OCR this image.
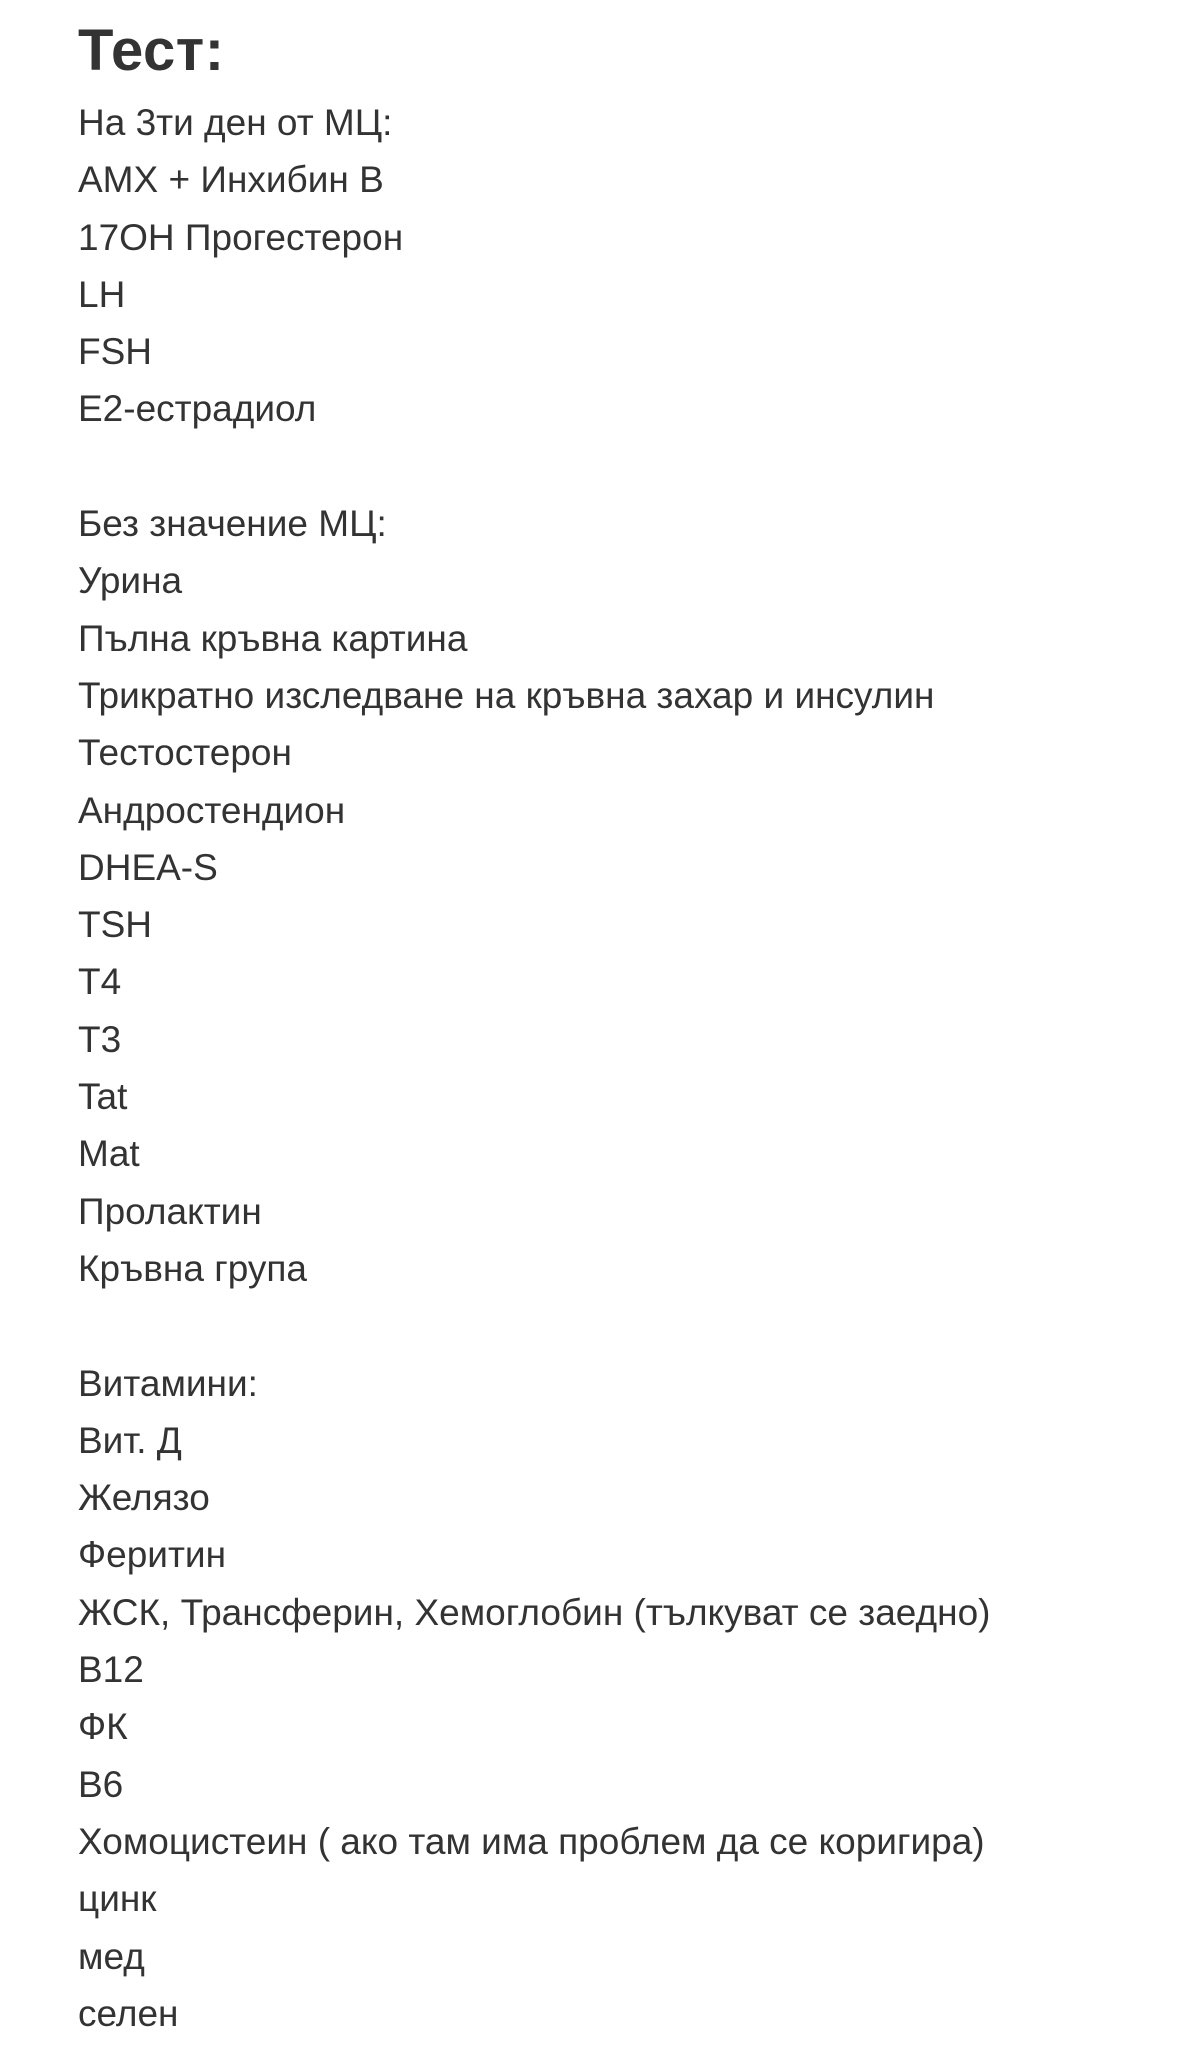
Тест:
На 3ти ден от МЦ:
АМХ + Инхибин В
17ОН Прогестерон
LH
FSH
Е2-естрадиол
Без значение МЦ:
Урина
Пълна кръвна картина
Трикратно изследване на кръвна захар и инсулин
Тестостерон
Андростендион
DHEA-S
TSH
T4
T3
Tat
Mat
Пролактин
Кръвна група
Витамини:
Вит. Д
Желязо
Феритин
ЖСК, Трансферин, Хемоглобин (тълкуват се заедно)
В12
ФК
В6
Хомоцистеин ( ако там има проблем да се коригира)
цинк
мед
селен
